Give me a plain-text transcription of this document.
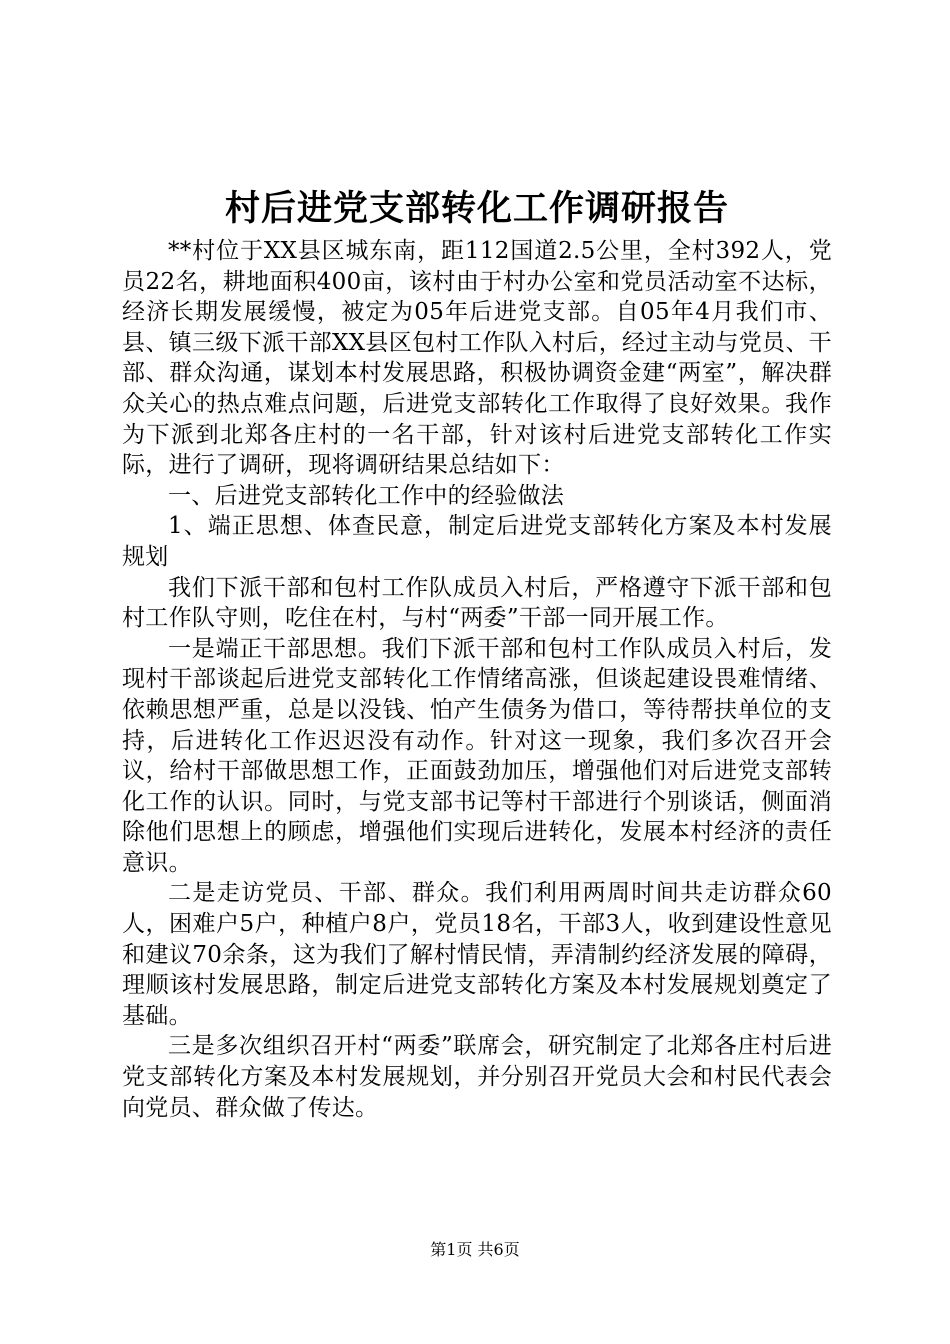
村后进党支部转化工作调研报告

**村位于XX县区城东南，距112国道2.5公里，全村392人，党员22名，耕地面积400亩，该村由于村办公室和党员活动室不达标，经济长期发展缓慢，被定为05年后进党支部。自05年4月我们市、县、镇三级下派干部XX县区包村工作队入村后，经过主动与党员、干部、群众沟通，谋划本村发展思路，积极协调资金建“两室”，解决群众关心的热点难点问题，后进党支部转化工作取得了良好效果。我作为下派到北郑各庄村的一名干部，针对该村后进党支部转化工作实际，进行了调研，现将调研结果总结如下：

一、后进党支部转化工作中的经验做法

1、端正思想、体查民意，制定后进党支部转化方案及本村发展规划

我们下派干部和包村工作队成员入村后，严格遵守下派干部和包村工作队守则，吃住在村，与村“两委”干部一同开展工作。

一是端正干部思想。我们下派干部和包村工作队成员入村后，发现村干部谈起后进党支部转化工作情绪高涨，但谈起建设畏难情绪、依赖思想严重，总是以没钱、怕产生债务为借口，等待帮扶单位的支持，后进转化工作迟迟没有动作。针对这一现象，我们多次召开会议，给村干部做思想工作，正面鼓劲加压，增强他们对后进党支部转化工作的认识。同时，与党支部书记等村干部进行个别谈话，侧面消除他们思想上的顾虑，增强他们实现后进转化，发展本村经济的责任意识。

二是走访党员、干部、群众。我们利用两周时间共走访群众60人，困难户5户，种植户8户，党员18名，干部3人，收到建设性意见和建议70余条，这为我们了解村情民情，弄清制约经济发展的障碍，理顺该村发展思路，制定后进党支部转化方案及本村发展规划奠定了基础。

三是多次组织召开村“两委”联席会，研究制定了北郑各庄村后进党支部转化方案及本村发展规划，并分别召开党员大会和村民代表会向党员、群众做了传达。

第1页 共6页
